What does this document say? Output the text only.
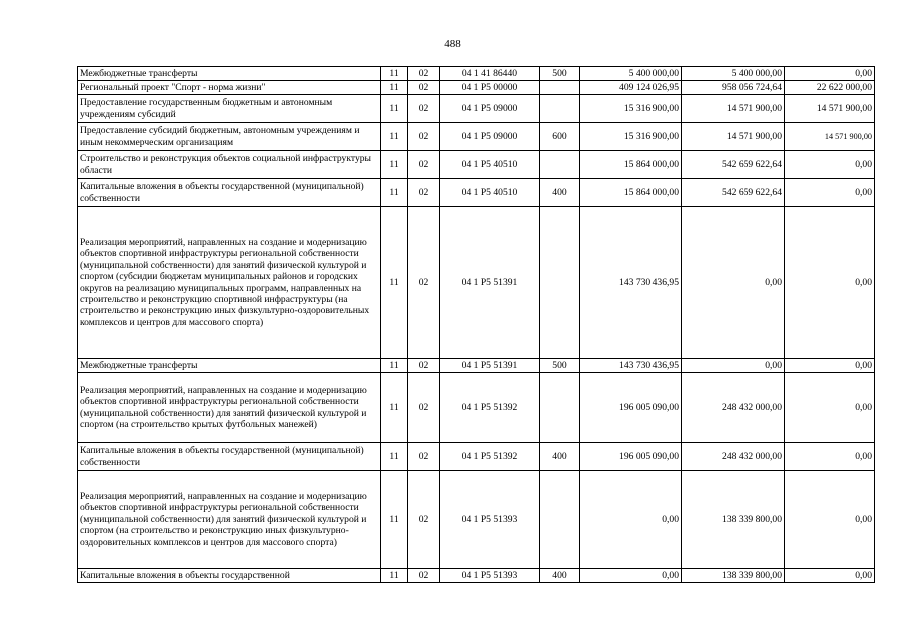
488
Межбюджетные трансферты	11	02	04 1 41 86440	500	5 400 000,00	5 400 000,00	0,00
Региональный проект "Спорт - норма жизни"	11	02	04 1 P5 00000		409 124 026,95	958 056 724,64	22 622 000,00
Предоставление государственным бюджетным и автономным учреждениям субсидий	11	02	04 1 P5 09000		15 316 900,00	14 571 900,00	14 571 900,00
Предоставление субсидий бюджетным, автономным учреждениям и иным некоммерческим организациям	11	02	04 1 P5 09000	600	15 316 900,00	14 571 900,00	14 571 900,00
Строительство и реконструкция объектов социальной инфраструктуры области	11	02	04 1 P5 40510		15 864 000,00	542 659 622,64	0,00
Капитальные вложения в объекты государственной (муниципальной) собственности	11	02	04 1 P5 40510	400	15 864 000,00	542 659 622,64	0,00
Реализация мероприятий, направленных на создание и модернизацию объектов спортивной инфраструктуры региональной собственности (муниципальной собственности) для занятий физической культурой и спортом (субсидии бюджетам муниципальных районов и городских округов на реализацию муниципальных программ, направленных на строительство и реконструкцию спортивной инфраструктуры (на строительство и реконструкцию иных физкультурно-оздоровительных комплексов и центров для массового спорта)	11	02	04 1 P5 51391		143 730 436,95	0,00	0,00
Межбюджетные трансферты	11	02	04 1 P5 51391	500	143 730 436,95	0,00	0,00
Реализация мероприятий, направленных на создание и модернизацию объектов спортивной инфраструктуры региональной собственности (муниципальной собственности) для занятий физической культурой и спортом (на строительство крытых футбольных манежей)	11	02	04 1 P5 51392		196 005 090,00	248 432 000,00	0,00
Капитальные вложения в объекты государственной (муниципальной) собственности	11	02	04 1 P5 51392	400	196 005 090,00	248 432 000,00	0,00
Реализация мероприятий, направленных на создание и модернизацию объектов спортивной инфраструктуры региональной собственности (муниципальной собственности) для занятий физической культурой и спортом (на строительство и реконструкцию иных физкультурно-оздоровительных комплексов и центров для массового спорта)	11	02	04 1 P5 51393		0,00	138 339 800,00	0,00
Капитальные вложения в объекты государственной	11	02	04 1 P5 51393	400	0,00	138 339 800,00	0,00
